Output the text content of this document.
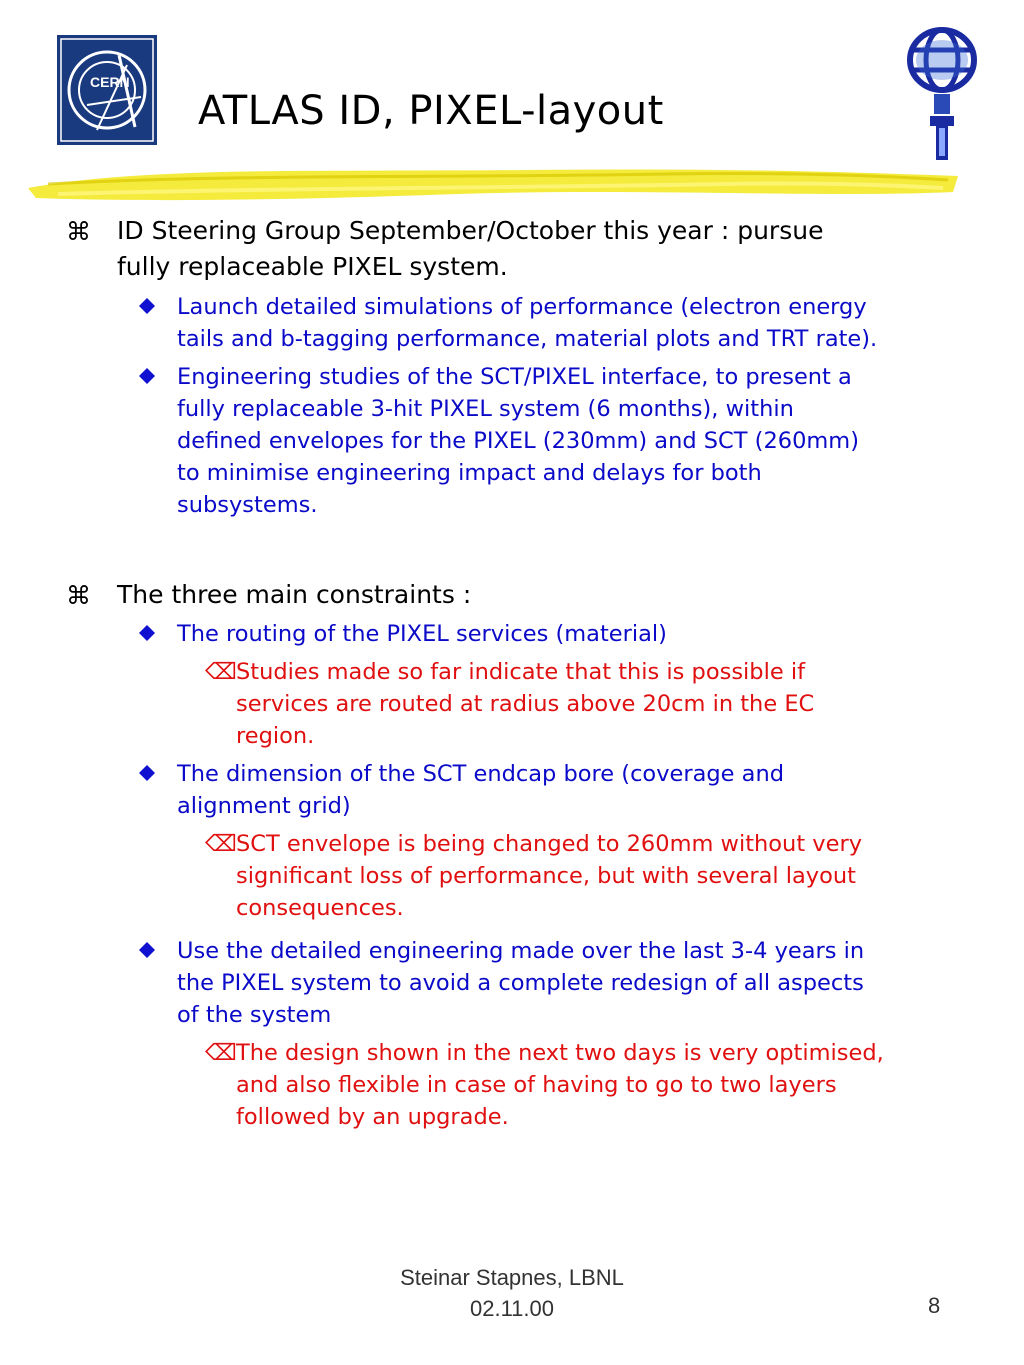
CERN
ATLAS ID, PIXEL-layout
⌘ ID Steering Group September/October this year : pursue
fully replaceable PIXEL system.
Launch detailed simulations of performance (electron energy
tails and b-tagging performance, material plots and TRT rate).
Engineering studies of the SCT/PIXEL interface, to present a
fully replaceable 3-hit PIXEL system (6 months), within
defined envelopes for the PIXEL (230mm) and SCT (260mm)
to minimise engineering impact and delays for both
subsystems.
⌘ The three main constraints :
The routing of the PIXEL services (material)
⌫ Studies made so far indicate that this is possible if
services are routed at radius above 20cm in the EC
region.
The dimension of the SCT endcap bore (coverage and
alignment grid)
⌫ SCT envelope is being changed to 260mm without very
significant loss of performance, but with several layout
consequences.
Use the detailed engineering made over the last 3-4 years in
the PIXEL system to avoid a complete redesign of all aspects
of the system
⌫ The design shown in the next two days is very optimised,
and also flexible in case of having to go to two layers
followed by an upgrade.
Steinar Stapnes, LBNL
02.11.00	8
